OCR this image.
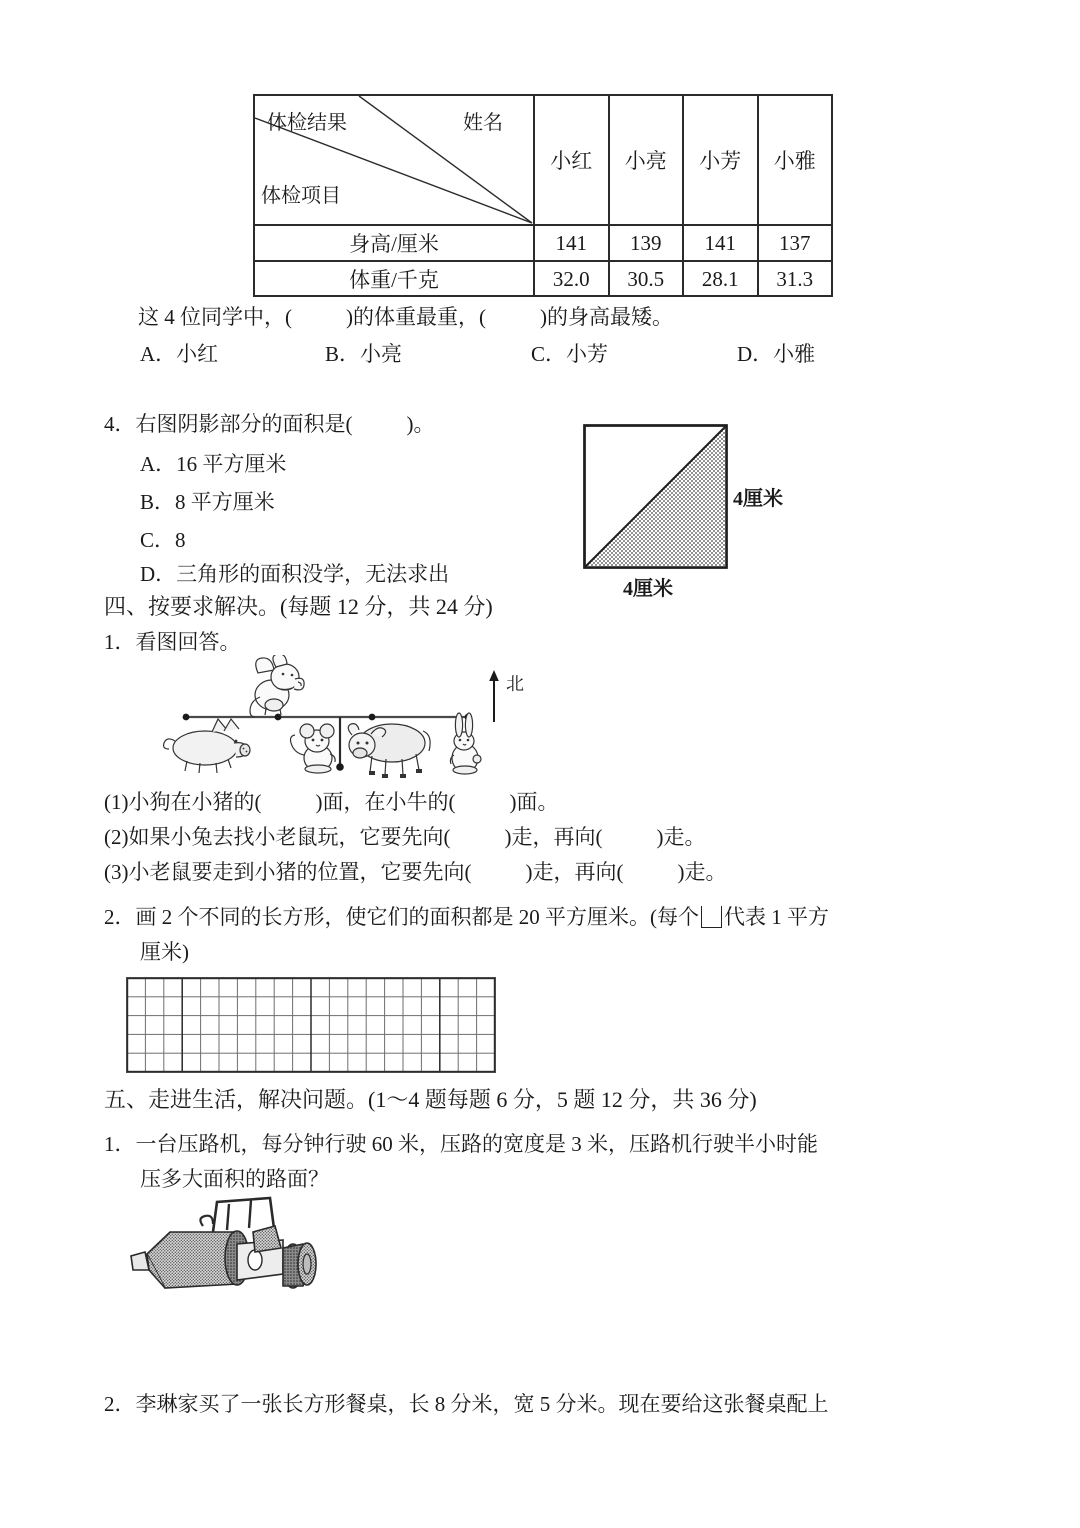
体检结果	姓名
体检项目
小红	小亮	小芳	小雅
身高/厘米	141	139	141	137
体重/千克	32.0	30.5	28.1	31.3
这 4 位同学中，(	)的体重最重，(	)的身高最矮。
A．小红	B．小亮	C．小芳	D．小雅
4．右图阴影部分的面积是(	)。
A．16 平方厘米
B．8 平方厘米
C．8
D．三角形的面积没学，无法求出
4厘米
4厘米
四、按要求解决。(每题 12 分，共 24 分)
1．看图回答。
北
(1)小狗在小猪的(	)面，在小牛的(	)面。
(2)如果小兔去找小老鼠玩，它要先向(	)走，再向(	)走。
(3)小老鼠要走到小猪的位置，它要先向(	)走，再向(	)走。
2．画 2 个不同的长方形，使它们的面积都是 20 平方厘米。(每个 代表 1 平方
厘米)
五、走进生活，解决问题。(1～4 题每题 6 分，5 题 12 分，共 36 分)
1．一台压路机，每分钟行驶 60 米，压路的宽度是 3 米，压路机行驶半小时能
压多大面积的路面？
2．李琳家买了一张长方形餐桌，长 8 分米，宽 5 分米。现在要给这张餐桌配上
